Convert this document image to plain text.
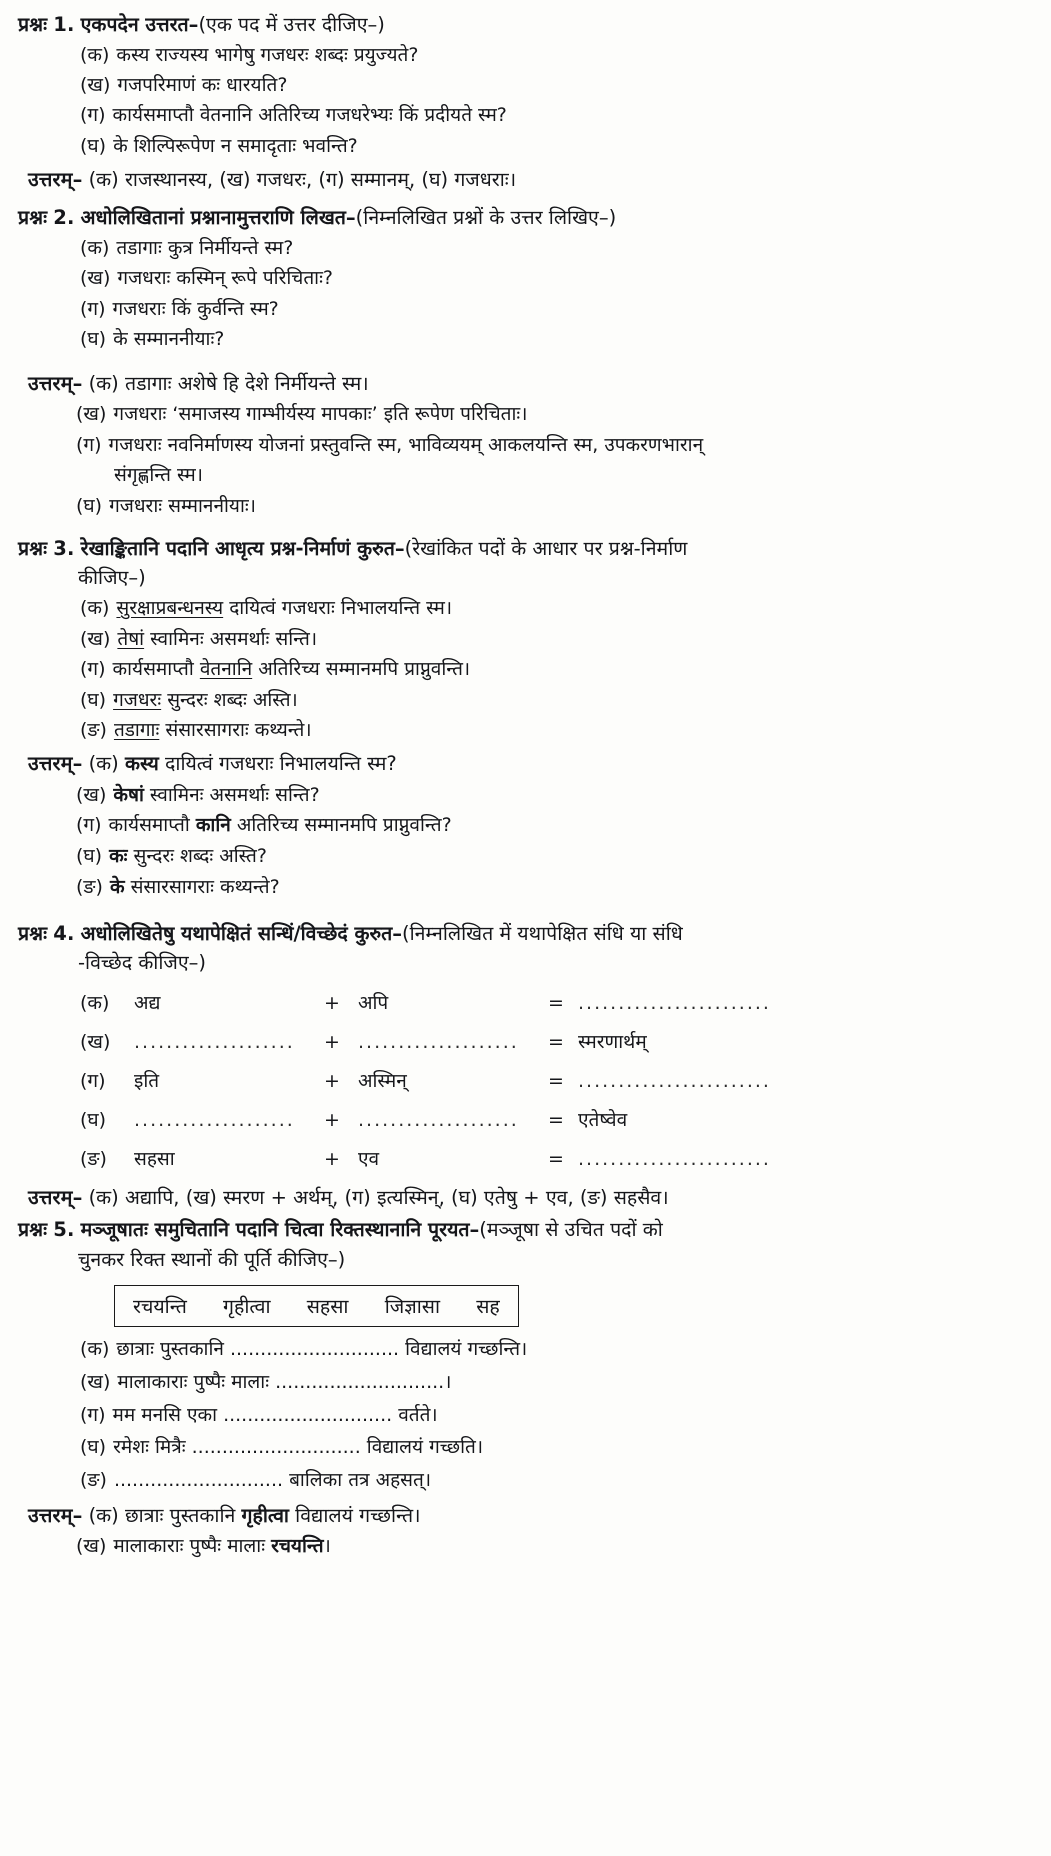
प्रश्नः 1. एकपदेन उत्तरत–(एक पद में उत्तर दीजिए–)
(क) कस्य राज्यस्य भागेषु गजधरः शब्दः प्रयुज्यते?
(ख) गजपरिमाणं कः धारयति?
(ग) कार्यसमाप्तौ वेतनानि अतिरिच्य गजधरेभ्यः किं प्रदीयते स्म?
(घ) के शिल्पिरूपेण न समादृताः भवन्ति?
उत्तरम्– (क) राजस्थानस्य, (ख) गजधरः, (ग) सम्मानम्, (घ) गजधराः।
प्रश्नः 2. अधोलिखितानां प्रश्नानामुत्तराणि लिखत–(निम्नलिखित प्रश्नों के उत्तर लिखिए–)
(क) तडागाः कुत्र निर्मीयन्ते स्म?
(ख) गजधराः कस्मिन् रूपे परिचिताः?
(ग) गजधराः किं कुर्वन्ति स्म?
(घ) के सम्माननीयाः?
उत्तरम्– (क) तडागाः अशेषे हि देशे निर्मीयन्ते स्म।
(ख) गजधराः ‘समाजस्य गाम्भीर्यस्य मापकाः’ इति रूपेण परिचिताः।
(ग) गजधराः नवनिर्माणस्य योजनां प्रस्तुवन्ति स्म, भाविव्ययम् आकलयन्ति स्म, उपकरणभारान्
संगृह्णन्ति स्म।
(घ) गजधराः सम्माननीयाः।
प्रश्नः 3. रेखाङ्कितानि पदानि आधृत्य प्रश्न-निर्माणं कुरुत–(रेखांकित पदों के आधार पर प्रश्न-निर्माण
कीजिए–)
(क) सुरक्षाप्रबन्धनस्य दायित्वं गजधराः निभालयन्ति स्म।
(ख) तेषां स्वामिनः असमर्थाः सन्ति।
(ग) कार्यसमाप्तौ वेतनानि अतिरिच्य सम्मानमपि प्राप्नुवन्ति।
(घ) गजधरः सुन्दरः शब्दः अस्ति।
(ङ) तडागाः संसारसागराः कथ्यन्ते।
उत्तरम्– (क) कस्य दायित्वं गजधराः निभालयन्ति स्म?
(ख) केषां स्वामिनः असमर्थाः सन्ति?
(ग) कार्यसमाप्तौ कानि अतिरिच्य सम्मानमपि प्राप्नुवन्ति?
(घ) कः सुन्दरः शब्दः अस्ति?
(ङ) के संसारसागराः कथ्यन्ते?
प्रश्नः 4. अधोलिखितेषु यथापेक्षितं सन्धिं/विच्छेदं कुरुत–(निम्नलिखित में यथापेक्षित संधि या संधि
-विच्छेद कीजिए–)
(क)	अद्य	+ अपि	= ........................
(ख)	....................	+ ....................	= स्मरणार्थम्
(ग)	इति	+ अस्मिन्	= ........................
(घ)	....................	+ ....................	= एतेष्वेव
(ङ)	सहसा	+ एव	= ........................
उत्तरम्– (क) अद्यापि, (ख) स्मरण + अर्थम्, (ग) इत्यस्मिन्, (घ) एतेषु + एव, (ङ) सहसैव।
प्रश्नः 5. मञ्जूषातः समुचितानि पदानि चित्वा रिक्तस्थानानि पूरयत–(मञ्जूषा से उचित पदों को
चुनकर रिक्त स्थानों की पूर्ति कीजिए–)
रचयन्ति गृहीत्वा सहसा जिज्ञासा सह
(क) छात्राः पुस्तकानि ............................ विद्यालयं गच्छन्ति।
(ख) मालाकाराः पुष्पैः मालाः ............................।
(ग) मम मनसि एका ............................ वर्तते।
(घ) रमेशः मित्रैः ............................ विद्यालयं गच्छति।
(ङ) ............................ बालिका तत्र अहसत्।
उत्तरम्– (क) छात्राः पुस्तकानि गृहीत्वा विद्यालयं गच्छन्ति।
(ख) मालाकाराः पुष्पैः मालाः रचयन्ति।
